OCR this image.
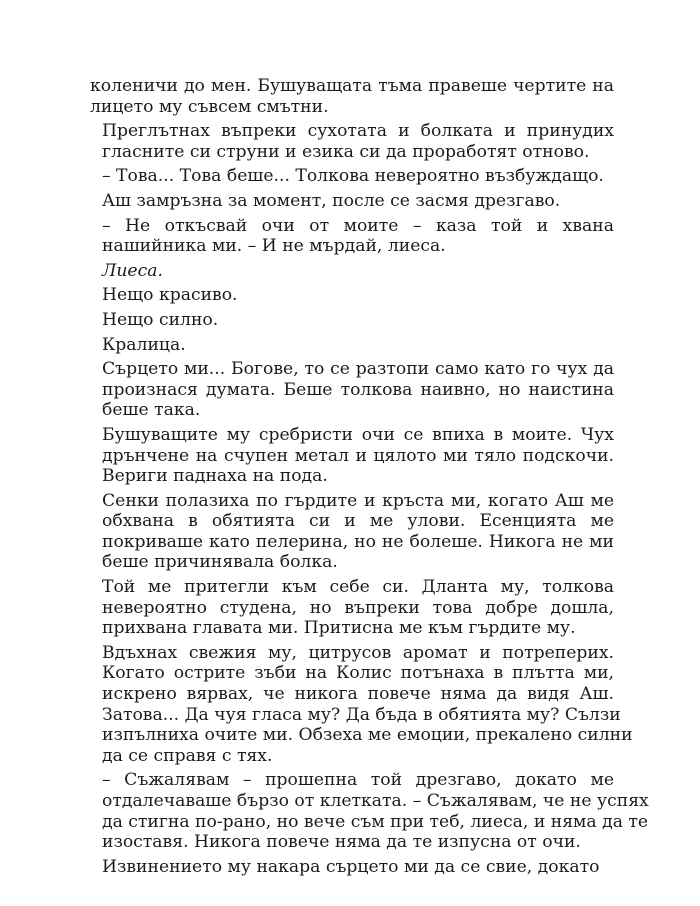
коленичи до мен. Бушуващата тъма правеше чертите на
лицето му съвсем смътни.
Преглътнах въпреки сухотата и болката и принудих
гласните си струни и езика си да проработят отново.
– Това... Това беше... Толкова невероятно възбуждащо.
Аш замръзна за момент, после се засмя дрезгаво.
– Не откъсвай очи от моите – каза той и хвана
нашийника ми. – И не мърдай, лиеса.
Лиеса.
Нещо красиво.
Нещо силно.
Кралица.
Сърцето ми... Богове, то се разтопи само като го чух да
произнася думата. Беше толкова наивно, но наистина
беше така.
Бушуващите му сребристи очи се впиха в моите. Чух
дрънчене на счупен метал и цялото ми тяло подскочи.
Вериги паднаха на пода.
Сенки полазиха по гърдите и кръста ми, когато Аш ме
обхвана в обятията си и ме улови. Есенцията ме
покриваше като пелерина, но не болеше. Никога не ми
беше причинявала болка.
Той ме притегли към себе си. Дланта му, толкова
невероятно студена, но въпреки това добре дошла,
прихвана главата ми. Притисна ме към гърдите му.
Вдъхнах свежия му, цитрусов аромат и потреперих.
Когато острите зъби на Колис потънаха в плътта ми,
искрено вярвах, че никога повече няма да видя Аш.
Затова... Да чуя гласа му? Да бъда в обятията му? Сълзи
изпълниха очите ми. Обзеха ме емоции, прекалено силни
да се справя с тях.
– Съжалявам – прошепна той дрезгаво, докато ме
отдалечаваше бързо от клетката. – Съжалявам, че не успях
да стигна по-рано, но вече съм при теб, лиеса, и няма да те
изоставя. Никога повече няма да те изпусна от очи.
Извинението му накара сърцето ми да се свие, докато
